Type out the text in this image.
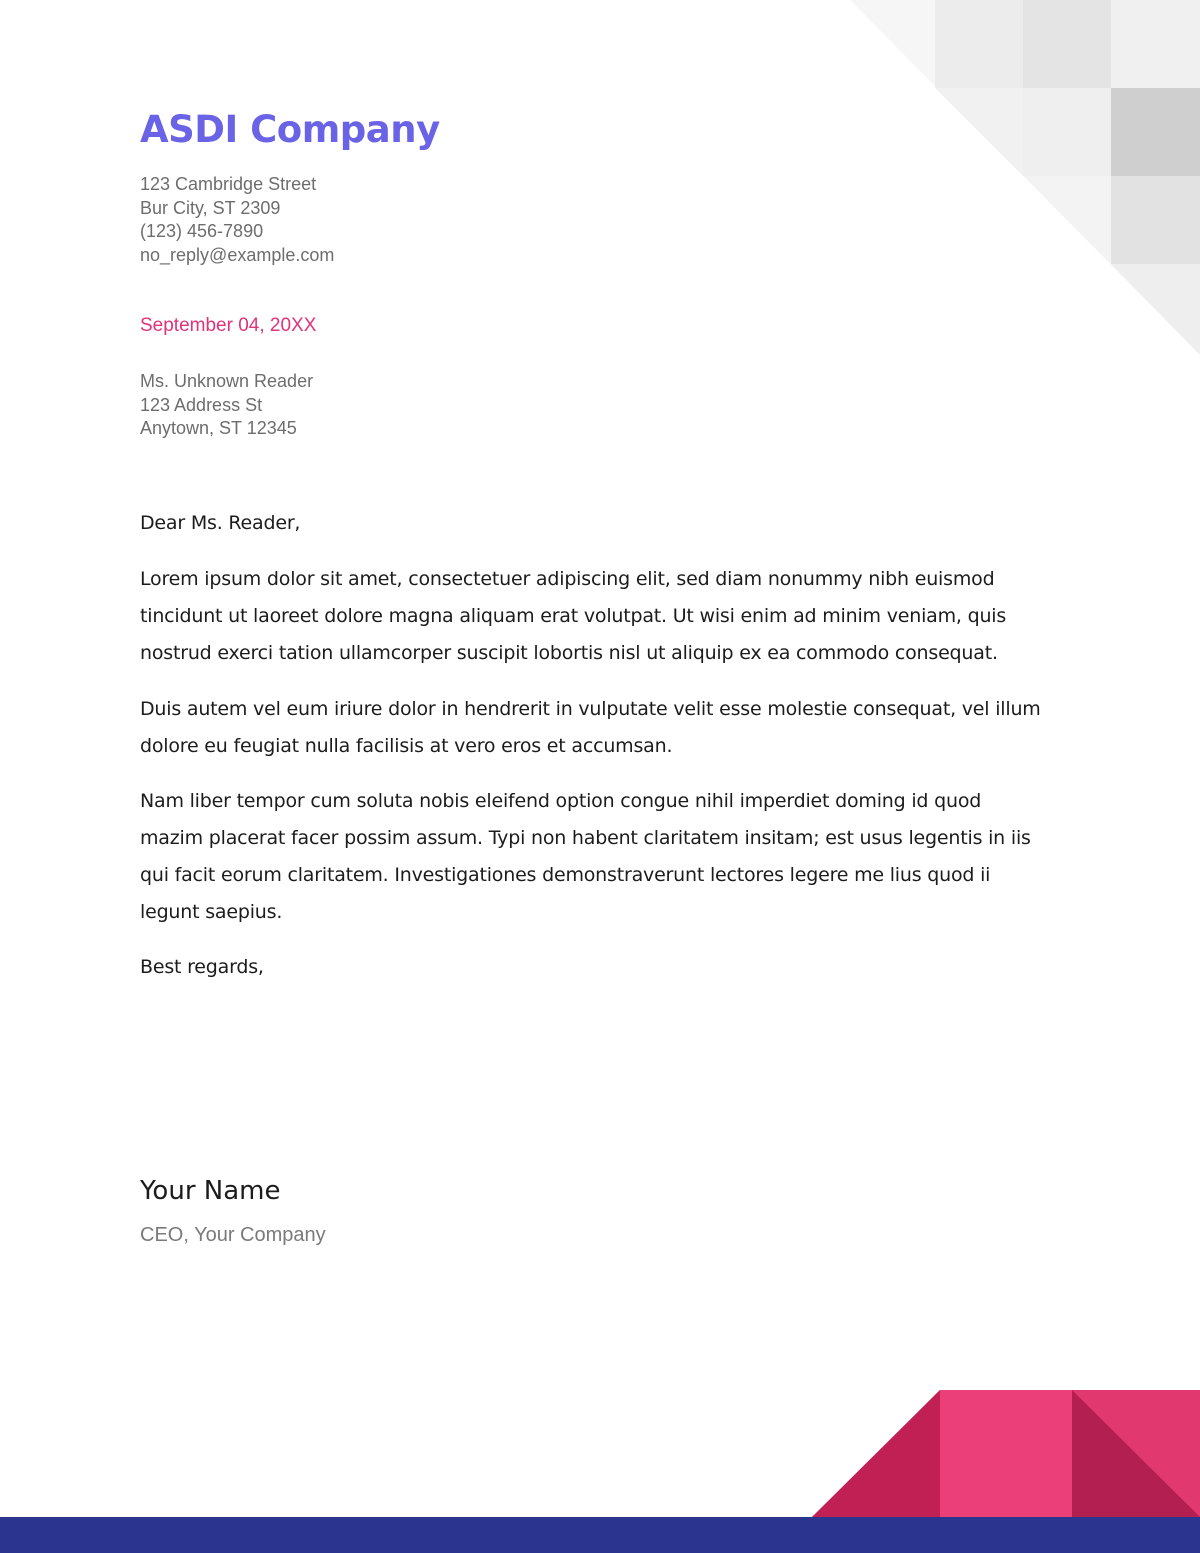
ASDI Company
123 Cambridge Street
Bur City, ST 2309
(123) 456-7890
no_reply@example.com
September 04, 20XX
Ms. Unknown Reader
123 Address St
Anytown, ST 12345
Dear Ms. Reader,
Lorem ipsum dolor sit amet, consectetuer adipiscing elit, sed diam nonummy nibh euismod
tincidunt ut laoreet dolore magna aliquam erat volutpat. Ut wisi enim ad minim veniam, quis
nostrud exerci tation ullamcorper suscipit lobortis nisl ut aliquip ex ea commodo consequat.
Duis autem vel eum iriure dolor in hendrerit in vulputate velit esse molestie consequat, vel illum
dolore eu feugiat nulla facilisis at vero eros et accumsan.
Nam liber tempor cum soluta nobis eleifend option congue nihil imperdiet doming id quod
mazim placerat facer possim assum. Typi non habent claritatem insitam; est usus legentis in iis
qui facit eorum claritatem. Investigationes demonstraverunt lectores legere me lius quod ii
legunt saepius.
Best regards,
Your Name
CEO, Your Company
